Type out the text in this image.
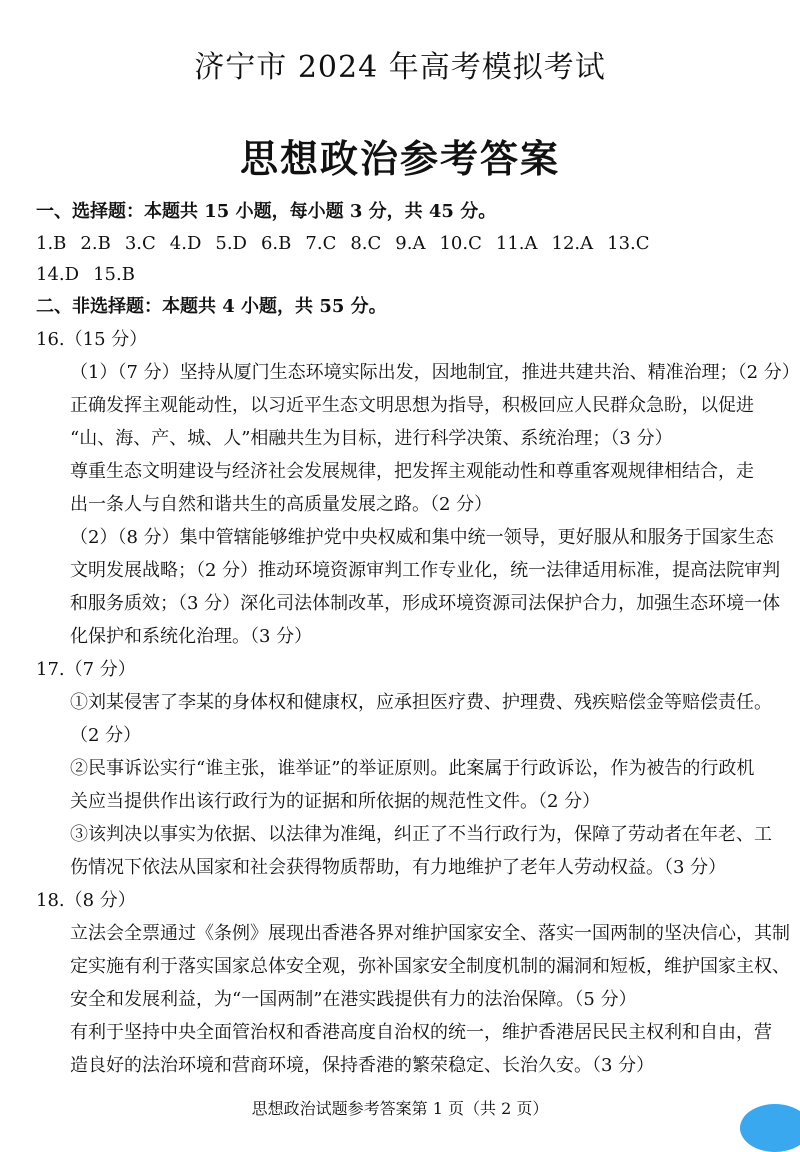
济宁市 2024 年高考模拟考试
思想政治参考答案
一、选择题：本题共 15 小题，每小题 3 分，共 45 分。
1.B 2.B 3.C 4.D 5.D 6.B 7.C 8.C 9.A 10.C 11.A 12.A 13.C
14.D 15.B
二、非选择题：本题共 4 小题，共 55 分。
16.（15 分）
（1）（7 分）坚持从厦门生态环境实际出发，因地制宜，推进共建共治、精准治理；（2 分）
正确发挥主观能动性，以习近平生态文明思想为指导，积极回应人民群众急盼，以促进
“山、海、产、城、人”相融共生为目标，进行科学决策、系统治理；（3 分）
尊重生态文明建设与经济社会发展规律，把发挥主观能动性和尊重客观规律相结合，走
出一条人与自然和谐共生的高质量发展之路。（2 分）
（2）（8 分）集中管辖能够维护党中央权威和集中统一领导，更好服从和服务于国家生态
文明发展战略；（2 分）推动环境资源审判工作专业化，统一法律适用标准，提高法院审判
和服务质效；（3 分）深化司法体制改革，形成环境资源司法保护合力，加强生态环境一体
化保护和系统化治理。（3 分）
17.（7 分）
①刘某侵害了李某的身体权和健康权，应承担医疗费、护理费、残疾赔偿金等赔偿责任。
（2 分）
②民事诉讼实行“谁主张，谁举证”的举证原则。此案属于行政诉讼，作为被告的行政机
关应当提供作出该行政行为的证据和所依据的规范性文件。（2 分）
③该判决以事实为依据、以法律为准绳，纠正了不当行政行为，保障了劳动者在年老、工
伤情况下依法从国家和社会获得物质帮助，有力地维护了老年人劳动权益。（3 分）
18.（8 分）
立法会全票通过《条例》展现出香港各界对维护国家安全、落实一国两制的坚决信心，其制
定实施有利于落实国家总体安全观，弥补国家安全制度机制的漏洞和短板，维护国家主权、
安全和发展利益，为“一国两制”在港实践提供有力的法治保障。（5 分）
有利于坚持中央全面管治权和香港高度自治权的统一，维护香港居民民主权利和自由，营
造良好的法治环境和营商环境，保持香港的繁荣稳定、长治久安。（3 分）
思想政治试题参考答案第 1 页（共 2 页）
